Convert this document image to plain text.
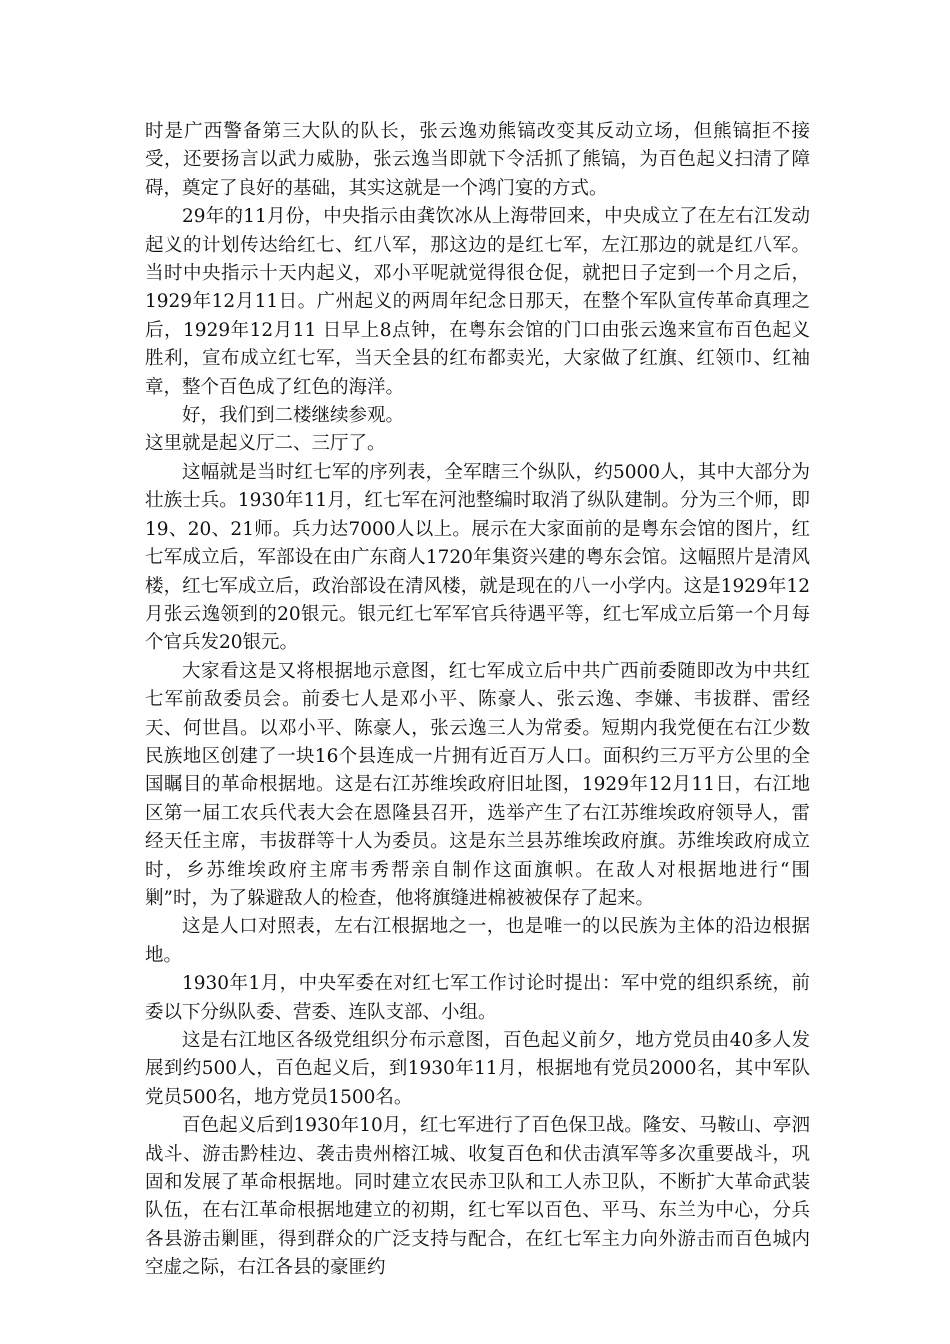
时是广西警备第三大队的队长，张云逸劝熊镐改变其反动立场，但熊镐拒不接受，还要扬言以武力威胁，张云逸当即就下令活抓了熊镐，为百色起义扫清了障碍，奠定了良好的基础，其实这就是一个鸿门宴的方式。

29年的11月份，中央指示由龚饮冰从上海带回来，中央成立了在左右江发动起义的计划传达给红七、红八军，那这边的是红七军，左江那边的就是红八军。当时中央指示十天内起义，邓小平呢就觉得很仓促，就把日子定到一个月之后，1929年12月11日。广州起义的两周年纪念日那天，在整个军队宣传革命真理之后，1929年12月11 日早上8点钟，在粤东会馆的门口由张云逸来宣布百色起义胜利，宣布成立红七军，当天全县的红布都卖光，大家做了红旗、红领巾、红袖章，整个百色成了红色的海洋。

好，我们到二楼继续参观。

这里就是起义厅二、三厅了。

这幅就是当时红七军的序列表，全军瞎三个纵队，约5000人，其中大部分为壮族士兵。1930年11月，红七军在河池整编时取消了纵队建制。分为三个师，即19、20、21师。兵力达7000人以上。展示在大家面前的是粤东会馆的图片，红七军成立后，军部设在由广东商人1720年集资兴建的粤东会馆。这幅照片是清风楼，红七军成立后，政治部设在清风楼，就是现在的八一小学内。这是1929年12月张云逸领到的20银元。银元红七军军官兵待遇平等，红七军成立后第一个月每个官兵发20银元。

大家看这是又将根据地示意图，红七军成立后中共广西前委随即改为中共红七军前敌委员会。前委七人是邓小平、陈豪人、张云逸、李嫌、韦拔群、雷经天、何世昌。以邓小平、陈豪人，张云逸三人为常委。短期内我党便在右江少数民族地区创建了一块16个县连成一片拥有近百万人口。面积约三万平方公里的全国瞩目的革命根据地。这是右江苏维埃政府旧址图，1929年12月11日，右江地区第一届工农兵代表大会在恩隆县召开，选举产生了右江苏维埃政府领导人，雷经天任主席，韦拔群等十人为委员。这是东兰县苏维埃政府旗。苏维埃政府成立时，乡苏维埃政府主席韦秀帮亲自制作这面旗帜。在敌人对根据地进行“围剿”时，为了躲避敌人的检查，他将旗缝进棉被被保存了起来。

这是人口对照表，左右江根据地之一，也是唯一的以民族为主体的沿边根据地。

1930年1月，中央军委在对红七军工作讨论时提出：军中党的组织系统，前委以下分纵队委、营委、连队支部、小组。

这是右江地区各级党组织分布示意图，百色起义前夕，地方党员由40多人发展到约500人，百色起义后，到1930年11月，根据地有党员2000名，其中军队党员500名，地方党员1500名。

百色起义后到1930年10月，红七军进行了百色保卫战。隆安、马鞍山、亭泗战斗、游击黔桂边、袭击贵州榕江城、收复百色和伏击滇军等多次重要战斗，巩固和发展了革命根据地。同时建立农民赤卫队和工人赤卫队，不断扩大革命武装队伍，在右江革命根据地建立的初期，红七军以百色、平马、东兰为中心，分兵各县游击剿匪，得到群众的广泛支持与配合，在红七军主力向外游击而百色城内空虚之际，右江各县的豪匪约
